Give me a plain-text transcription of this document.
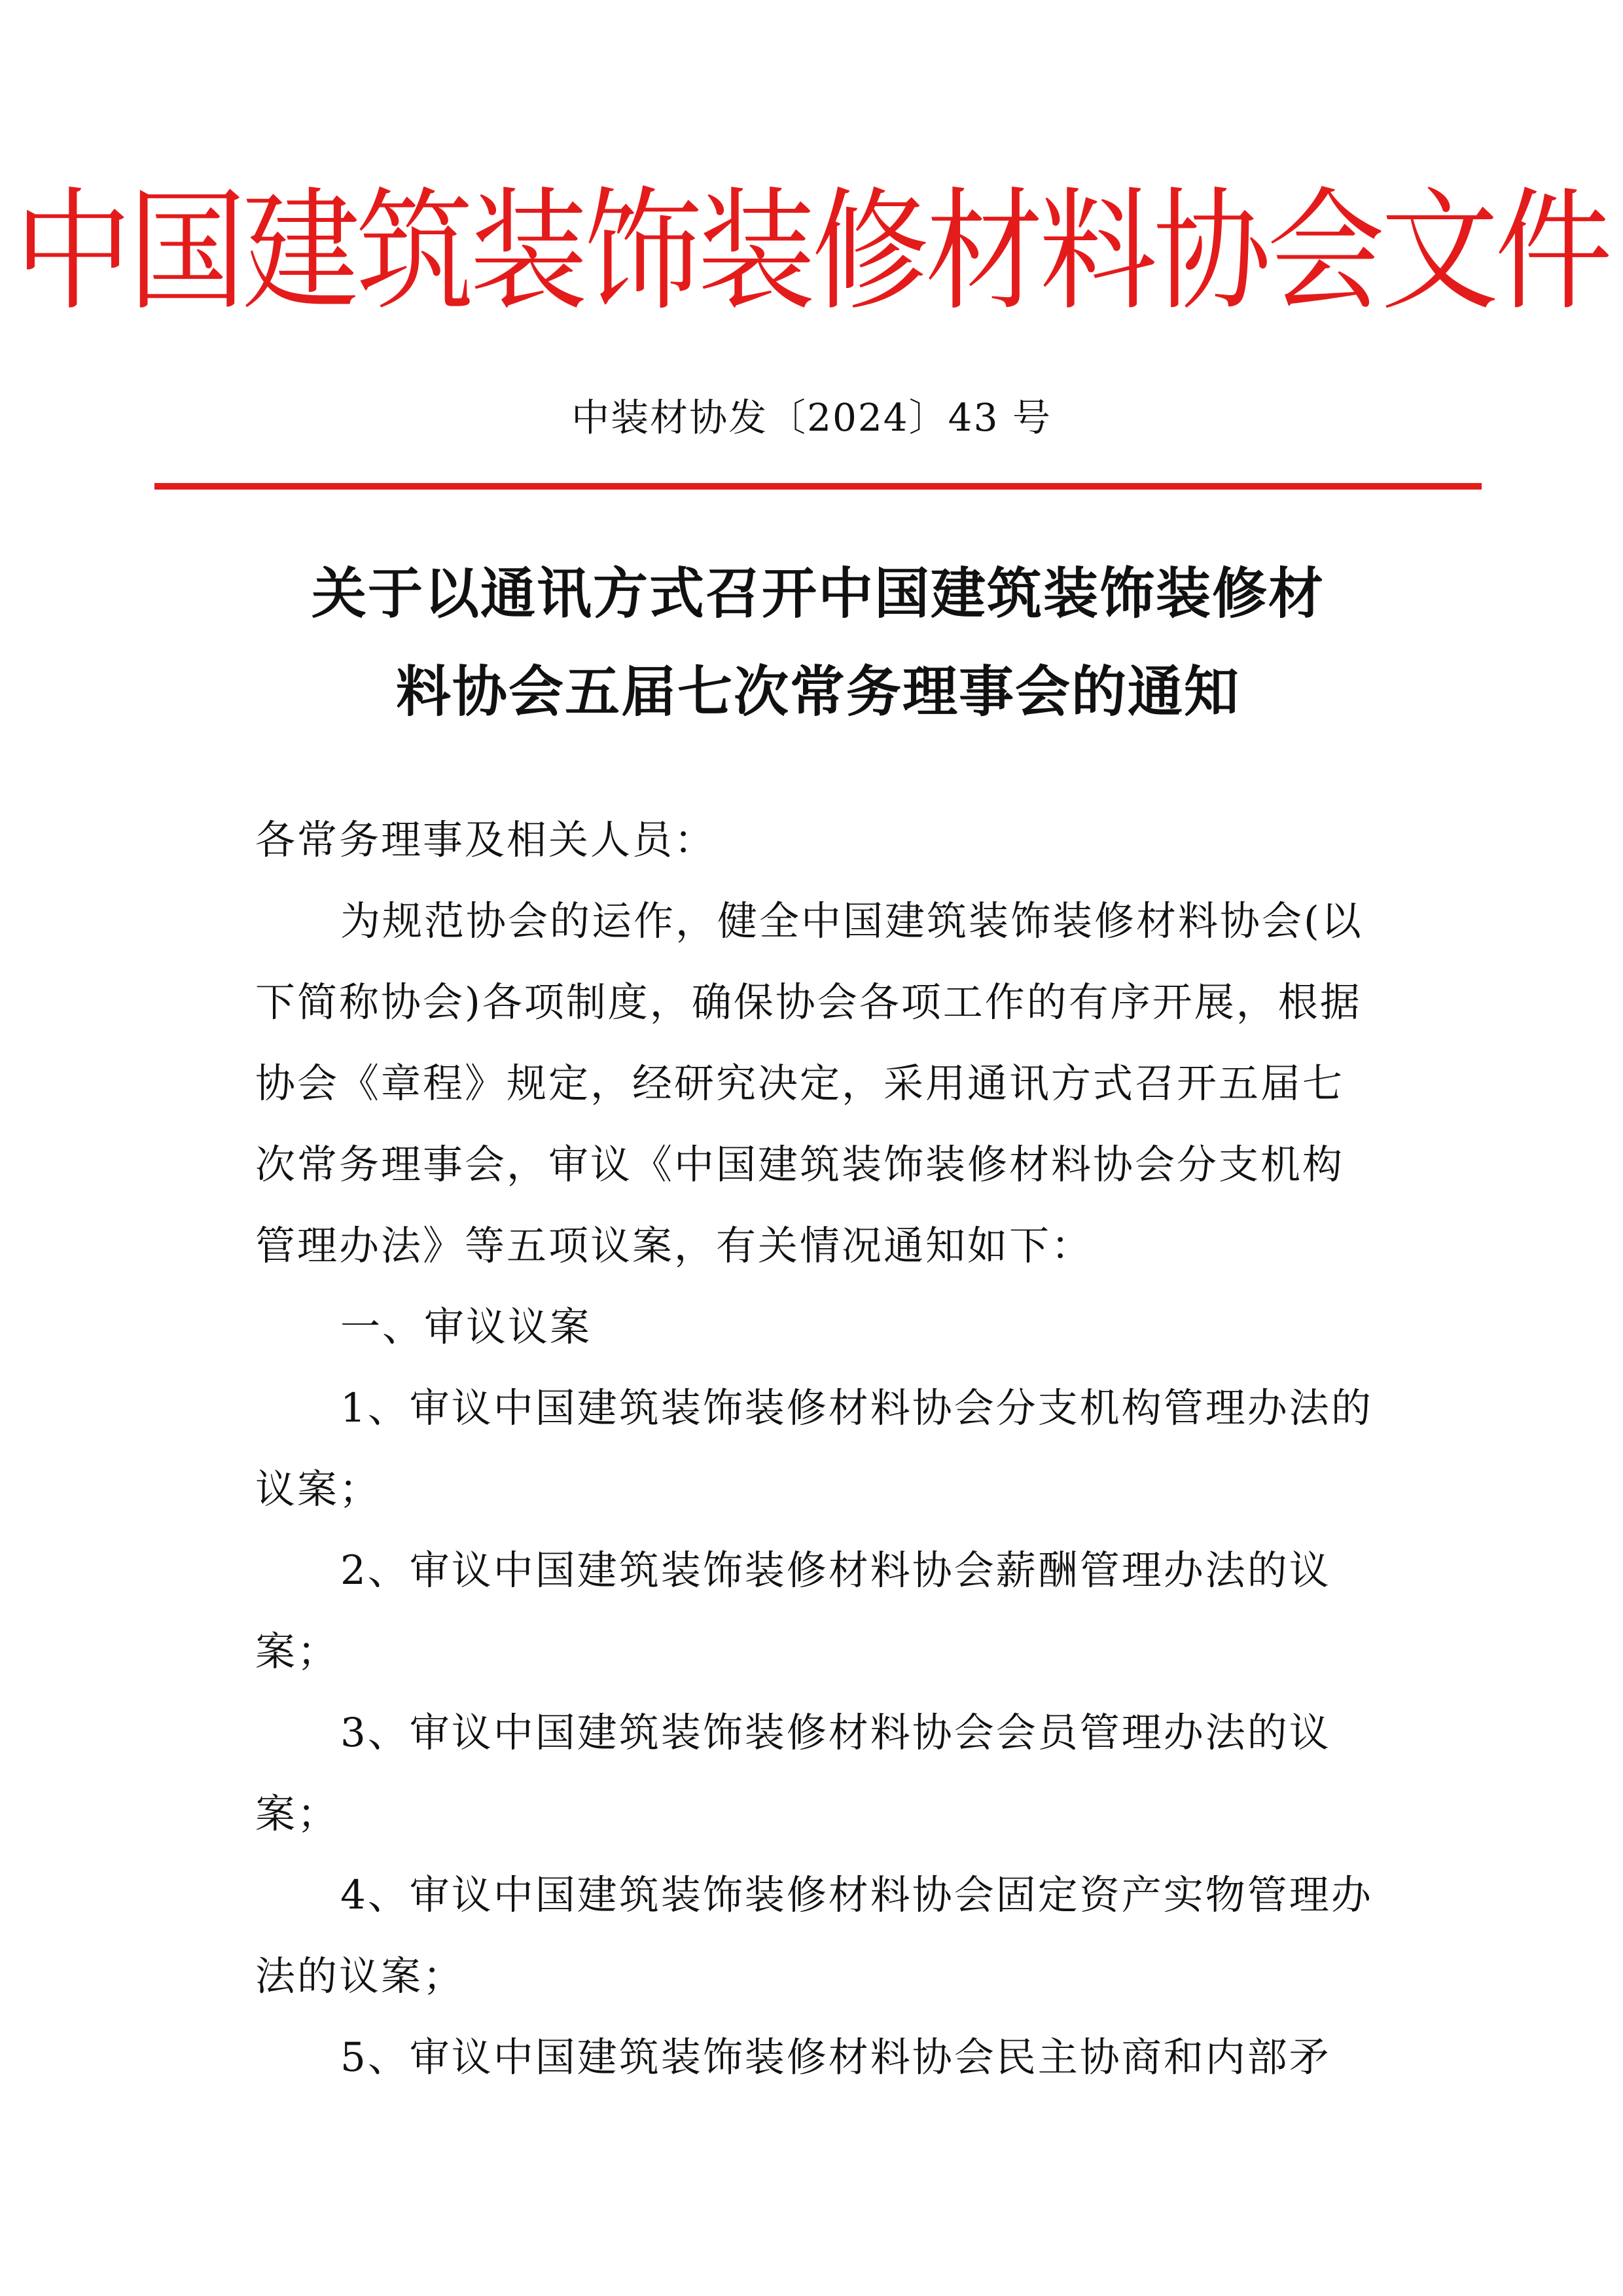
中国建筑装饰装修材料协会文件
中装材协发〔2024〕43 号
关于以通讯方式召开中国建筑装饰装修材
料协会五届七次常务理事会的通知

各常务理事及相关人员：

为规范协会的运作，健全中国建筑装饰装修材料协会(以下简称协会)各项制度，确保协会各项工作的有序开展，根据协会《章程》规定，经研究决定，采用通讯方式召开五届七次常务理事会，审议《中国建筑装饰装修材料协会分支机构管理办法》等五项议案，有关情况通知如下：

一、审议议案

1、审议中国建筑装饰装修材料协会分支机构管理办法的议案；

2、审议中国建筑装饰装修材料协会薪酬管理办法的议案；

3、审议中国建筑装饰装修材料协会会员管理办法的议案；

4、审议中国建筑装饰装修材料协会固定资产实物管理办法的议案；

5、审议中国建筑装饰装修材料协会民主协商和内部矛
